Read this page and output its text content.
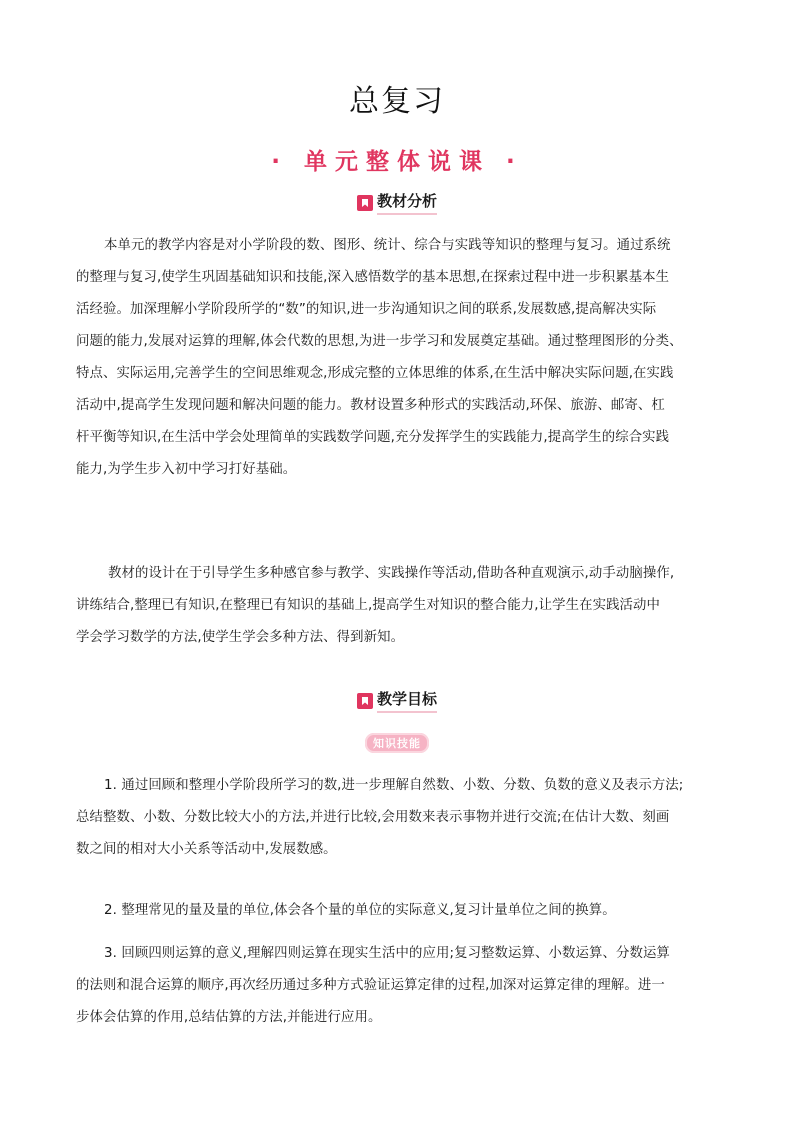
总复习
· 单元整体说课 ·
教材分析
本单元的教学内容是对小学阶段的数、图形、统计、综合与实践等知识的整理与复习。通过系统
的整理与复习,使学生巩固基础知识和技能,深入感悟数学的基本思想,在探索过程中进一步积累基本生
活经验。加深理解小学阶段所学的“数”的知识,进一步沟通知识之间的联系,发展数感,提高解决实际
问题的能力,发展对运算的理解,体会代数的思想,为进一步学习和发展奠定基础。通过整理图形的分类、
特点、实际运用,完善学生的空间思维观念,形成完整的立体思维的体系,在生活中解决实际问题,在实践
活动中,提高学生发现问题和解决问题的能力。教材设置多种形式的实践活动,环保、旅游、邮寄、杠
杆平衡等知识,在生活中学会处理简单的实践数学问题,充分发挥学生的实践能力,提高学生的综合实践
能力,为学生步入初中学习打好基础。
教材的设计在于引导学生多种感官参与教学、实践操作等活动,借助各种直观演示,动手动脑操作,
讲练结合,整理已有知识,在整理已有知识的基础上,提高学生对知识的整合能力,让学生在实践活动中
学会学习数学的方法,使学生学会多种方法、得到新知。
教学目标
知识技能
1. 通过回顾和整理小学阶段所学习的数,进一步理解自然数、小数、分数、负数的意义及表示方法;
总结整数、小数、分数比较大小的方法,并进行比较,会用数来表示事物并进行交流;在估计大数、刻画
数之间的相对大小关系等活动中,发展数感。
2. 整理常见的量及量的单位,体会各个量的单位的实际意义,复习计量单位之间的换算。
3. 回顾四则运算的意义,理解四则运算在现实生活中的应用;复习整数运算、小数运算、分数运算
的法则和混合运算的顺序,再次经历通过多种方式验证运算定律的过程,加深对运算定律的理解。进一
步体会估算的作用,总结估算的方法,并能进行应用。
